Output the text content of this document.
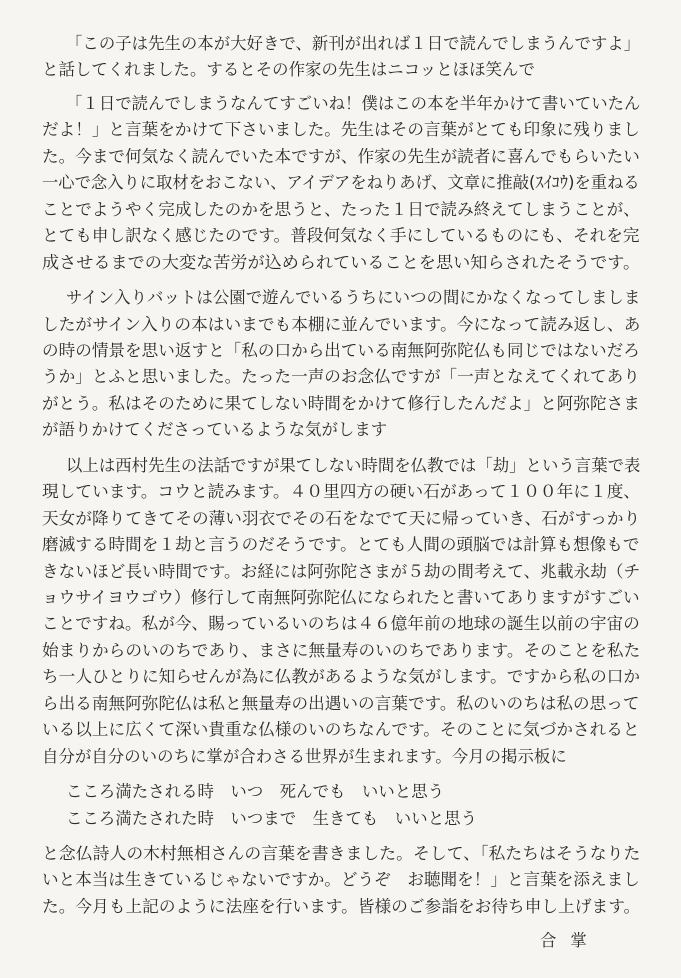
「この子は先生の本が大好きで、新刊が出れば１日で読んでしまうんですよ」
と話してくれました。するとその作家の先生はニコッとほほ笑んで
「１日で読んでしまうなんてすごいね！僕はこの本を半年かけて書いていたん
だよ！」と言葉をかけて下さいました。先生はその言葉がとても印象に残りまし
た。今まで何気なく読んでいた本ですが、作家の先生が読者に喜んでもらいたい
一心で念入りに取材をおこない、アイデアをねりあげ、文章に推敲(ｽｲｺｳ)を重ねる
ことでようやく完成したのかを思うと、たった１日で読み終えてしまうことが、
とても申し訳なく感じたのです。普段何気なく手にしているものにも、それを完
成させるまでの大変な苦労が込められていることを思い知らされたそうです。
サイン入りバットは公園で遊んでいるうちにいつの間にかなくなってしましま
したがサイン入りの本はいまでも本棚に並んでいます。今になって読み返し、あ
の時の情景を思い返すと「私の口から出ている南無阿弥陀仏も同じではないだろ
うか」とふと思いました。たった一声のお念仏ですが「一声となえてくれてあり
がとう。私はそのために果てしない時間をかけて修行したんだよ」と阿弥陀さま
が語りかけてくださっているような気がします
以上は西村先生の法話ですが果てしない時間を仏教では「劫」という言葉で表
現しています。コウと読みます。４０里四方の硬い石があって１００年に１度、
天女が降りてきてその薄い羽衣でその石をなでて天に帰っていき、石がすっかり
磨滅する時間を１劫と言うのだそうです。とても人間の頭脳では計算も想像もで
きないほど長い時間です。お経には阿弥陀さまが５劫の間考えて、兆載永劫（チ
ョウサイヨウゴウ）修行して南無阿弥陀仏になられたと書いてありますがすごい
ことですね。私が今、賜っているいのちは４６億年前の地球の誕生以前の宇宙の
始まりからのいのちであり、まさに無量寿のいのちであります。そのことを私た
ち一人ひとりに知らせんが為に仏教があるような気がします。ですから私の口か
ら出る南無阿弥陀仏は私と無量寿の出遇いの言葉です。私のいのちは私の思って
いる以上に広くて深い貴重な仏様のいのちなんです。そのことに気づかされると
自分が自分のいのちに掌が合わさる世界が生まれます。今月の掲示板に
こころ満たされる時　いつ　死んでも　いいと思う
こころ満たされた時　いつまで　生きても　いいと思う
と念仏詩人の木村無相さんの言葉を書きました。そして、「私たちはそうなりた
いと本当は生きているじゃないですか。どうぞ　お聴聞を！」と言葉を添えまし
た。今月も上記のように法座を行います。皆様のご参詣をお待ち申し上げます。
合掌
